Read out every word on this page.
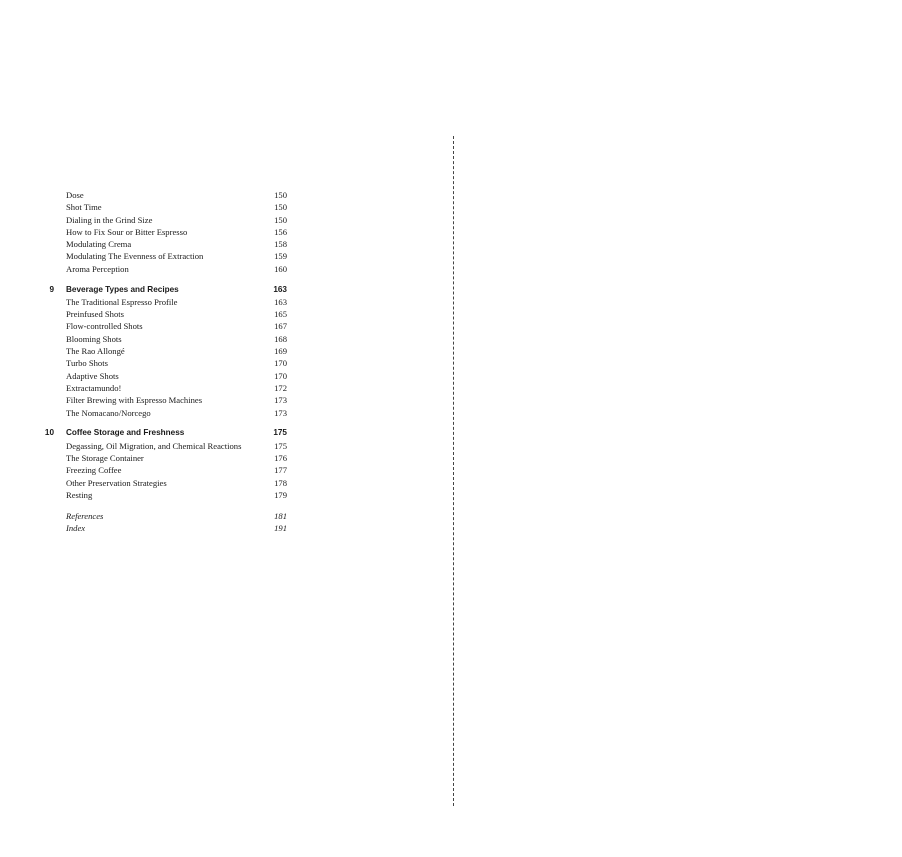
Dose	150
Shot Time	150
Dialing in the Grind Size	150
How to Fix Sour or Bitter Espresso	156
Modulating Crema	158
Modulating The Evenness of Extraction	159
Aroma Perception	160
9 Beverage Types and Recipes	163
The Traditional Espresso Profile	163
Preinfused Shots	165
Flow-controlled Shots	167
Blooming Shots	168
The Rao Allongé	169
Turbo Shots	170
Adaptive Shots	170
Extractamundo!	172
Filter Brewing with Espresso Machines	173
The Nomacano/Norcego	173
10 Coffee Storage and Freshness	175
Degassing, Oil Migration, and Chemical Reactions	175
The Storage Container	176
Freezing Coffee	177
Other Preservation Strategies	178
Resting	179
References	181
Index	191
